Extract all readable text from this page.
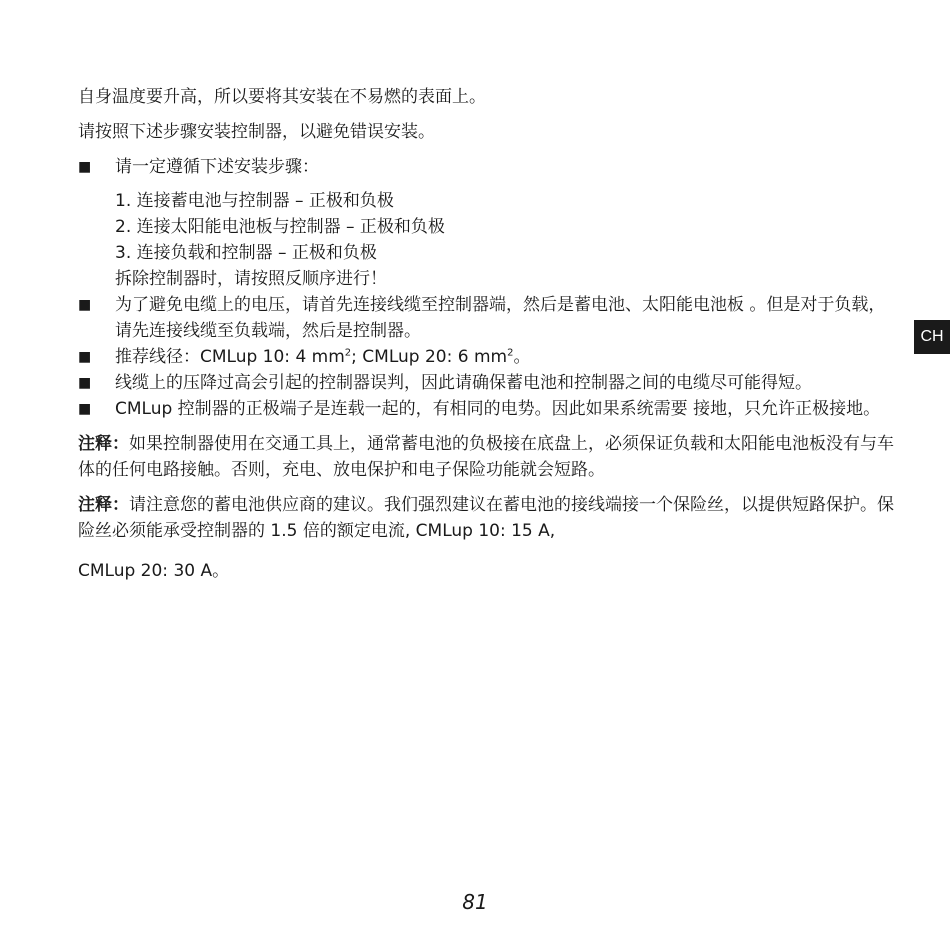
自身温度要升高，所以要将其安装在不易燃的表面上。

请按照下述步骤安装控制器，以避免错误安装。

■	请一定遵循下述安装步骤：
1. 连接蓄电池与控制器 – 正极和负极
2. 连接太阳能电池板与控制器 – 正极和负极
3. 连接负载和控制器 – 正极和负极
拆除控制器时，请按照反顺序进行！
■	为了避免电缆上的电压，请首先连接线缆至控制器端，然后是蓄电池、太阳能电池板 。但是对于负载，请先连接线缆至负载端，然后是控制器。
■	推荐线径：CMLup 10: 4 $mm^2$; CMLup 20: 6 $mm^2$。
■	线缆上的压降过高会引起的控制器误判，因此请确保蓄电池和控制器之间的电缆尽可能得短。
■	CMLup 控制器的正极端子是连载一起的，有相同的电势。因此如果系统需要 接地，只允许正极接地。

注释：如果控制器使用在交通工具上，通常蓄电池的负极接在底盘上，必须保证负载和太阳能电池板没有与车体的任何电路接触。否则，充电、放电保护和电子保险功能就会短路。

注释：请注意您的蓄电池供应商的建议。我们强烈建议在蓄电池的接线端接一个保险丝，以提供短路保护。保险丝必须能承受控制器的 1.5 倍的额定电流, CMLup 10: 15 A,

CMLup 20: 30 A。

CH
81
